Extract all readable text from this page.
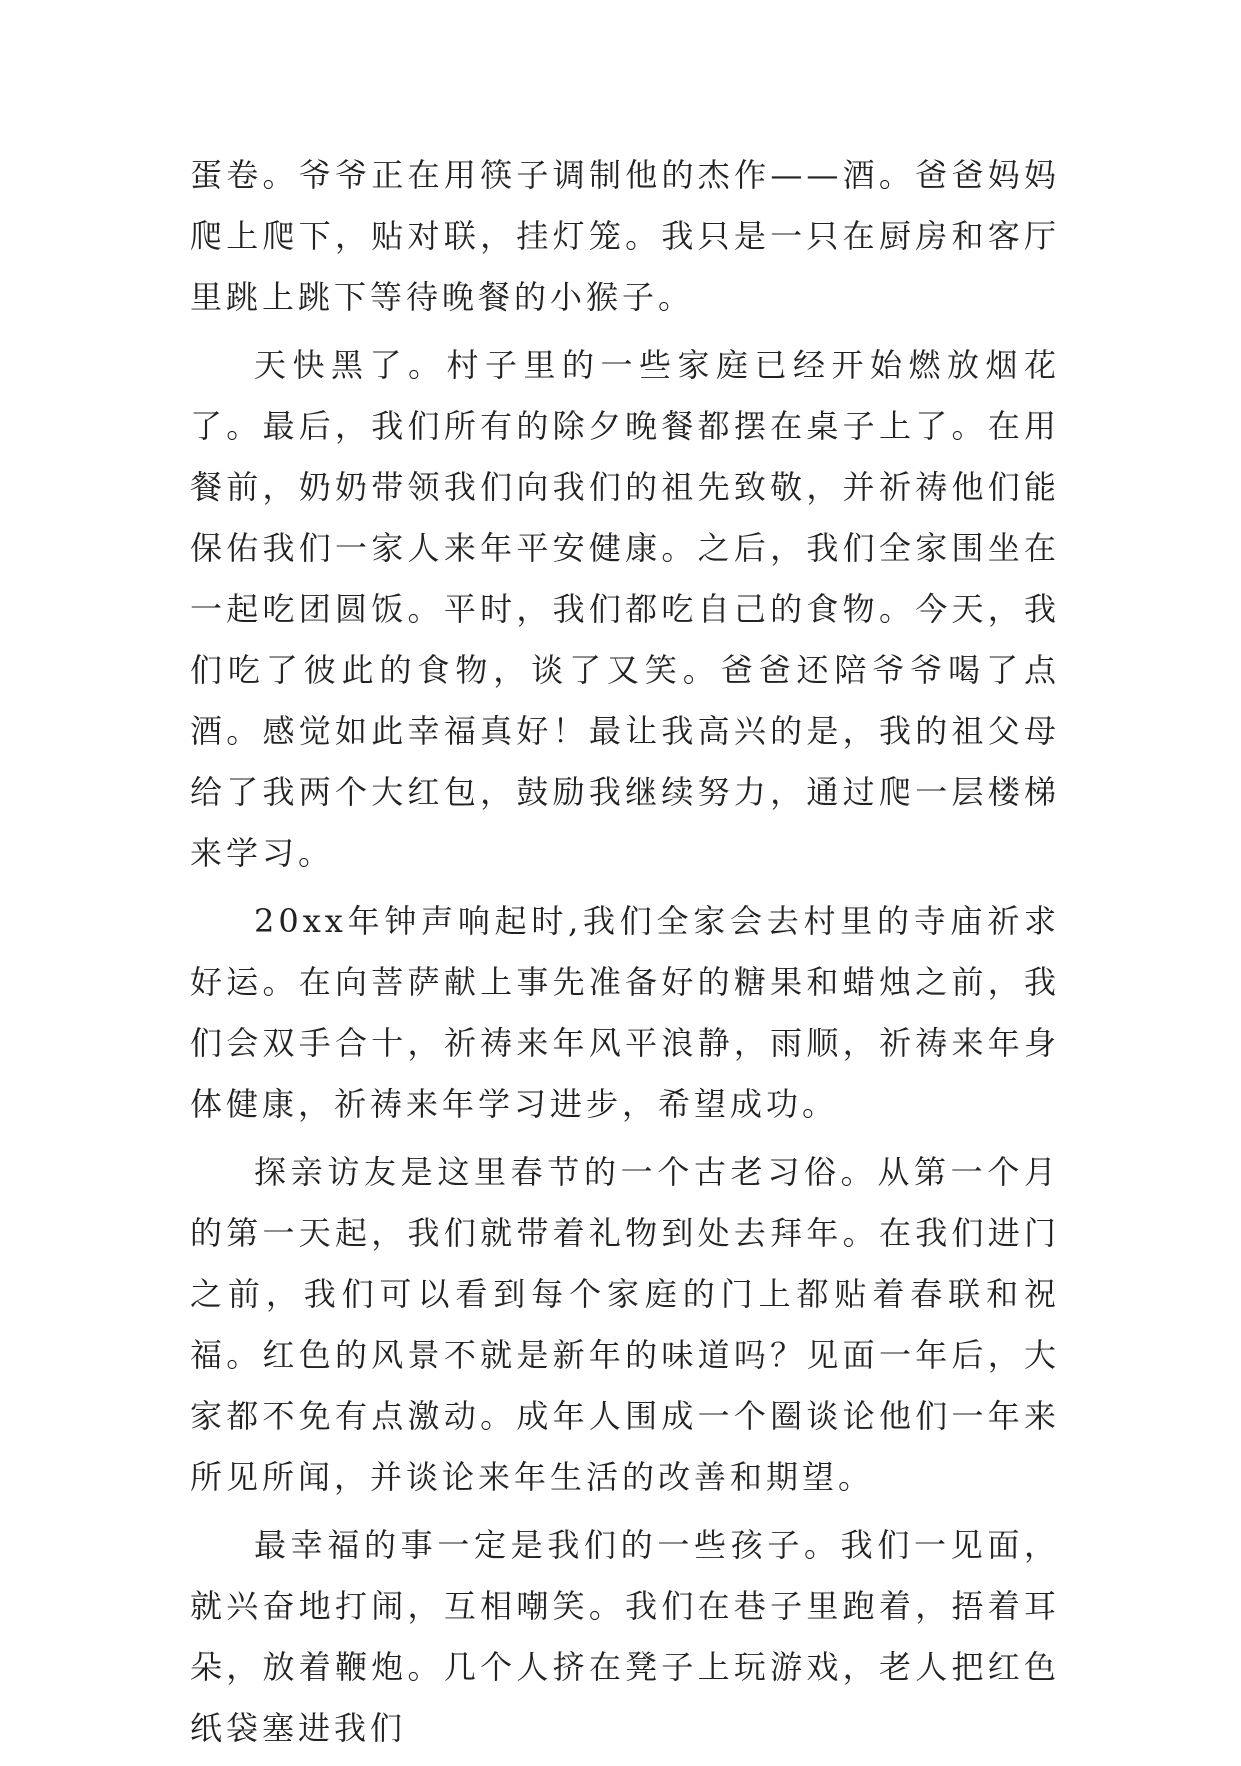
蛋卷。爷爷正在用筷子调制他的杰作——酒。爸爸妈妈爬上爬下，贴对联，挂灯笼。我只是一只在厨房和客厅里跳上跳下等待晚餐的小猴子。

天快黑了。村子里的一些家庭已经开始燃放烟花了。最后，我们所有的除夕晚餐都摆在桌子上了。在用餐前，奶奶带领我们向我们的祖先致敬，并祈祷他们能保佑我们一家人来年平安健康。之后，我们全家围坐在一起吃团圆饭。平时，我们都吃自己的食物。今天，我们吃了彼此的食物，谈了又笑。爸爸还陪爷爷喝了点酒。感觉如此幸福真好！最让我高兴的是，我的祖父母给了我两个大红包，鼓励我继续努力，通过爬一层楼梯来学习。

20xx年钟声响起时,我们全家会去村里的寺庙祈求好运。在向菩萨献上事先准备好的糖果和蜡烛之前，我们会双手合十，祈祷来年风平浪静，雨顺，祈祷来年身体健康，祈祷来年学习进步，希望成功。

探亲访友是这里春节的一个古老习俗。从第一个月的第一天起，我们就带着礼物到处去拜年。在我们进门之前，我们可以看到每个家庭的门上都贴着春联和祝福。红色的风景不就是新年的味道吗？见面一年后，大家都不免有点激动。成年人围成一个圈谈论他们一年来所见所闻，并谈论来年生活的改善和期望。

最幸福的事一定是我们的一些孩子。我们一见面，就兴奋地打闹，互相嘲笑。我们在巷子里跑着，捂着耳朵，放着鞭炮。几个人挤在凳子上玩游戏，老人把红色纸袋塞进我们
